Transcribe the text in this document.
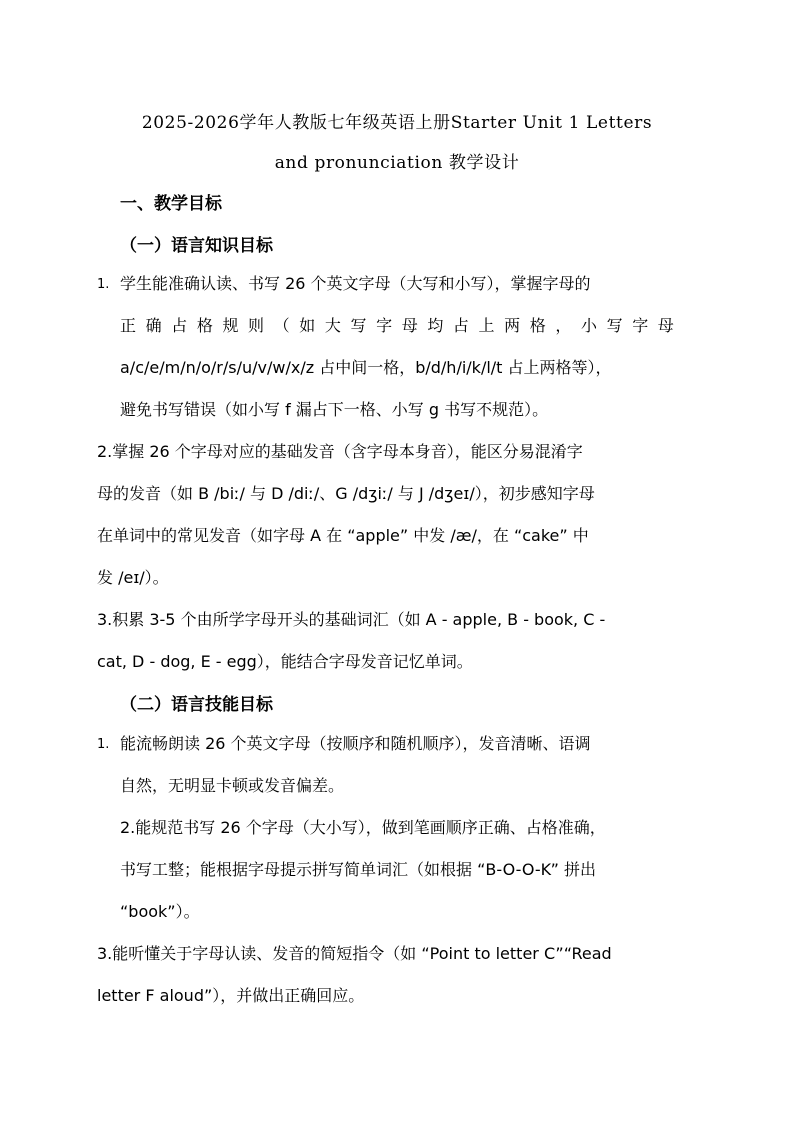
2025-2026学年人教版七年级英语上册Starter Unit 1 Letters
and pronunciation 教学设计
一、教学目标
（一）语言知识目标
1. 学生能准确认读、书写 26 个英文字母（大写和小写），掌握字母的
正 确 占 格 规 则 （ 如 大 写 字 母 均 占 上 两 格 ， 小 写 字 母
a/c/e/m/n/o/r/s/u/v/w/x/z 占中间一格，b/d/h/i/k/l/t 占上两格等），
避免书写错误（如小写 f 漏占下一格、小写 g 书写不规范）。
2.掌握 26 个字母对应的基础发音（含字母本身音），能区分易混淆字
母的发音（如 B /biː/ 与 D /diː/、G /dʒiː/ 与 J /dʒeɪ/），初步感知字母
在单词中的常见发音（如字母 A 在 “apple” 中发 /æ/，在 “cake” 中
发 /eɪ/）。
3.积累 3-5 个由所学字母开头的基础词汇（如 A - apple, B - book, C -
cat, D - dog, E - egg），能结合字母发音记忆单词。
（二）语言技能目标
1. 能流畅朗读 26 个英文字母（按顺序和随机顺序），发音清晰、语调
自然，无明显卡顿或发音偏差。
2.能规范书写 26 个字母（大小写），做到笔画顺序正确、占格准确，
书写工整；能根据字母提示拼写简单词汇（如根据 “B-O-O-K” 拼出
“book”）。
3.能听懂关于字母认读、发音的简短指令（如 “Point to letter C”“Read
letter F aloud”），并做出正确回应。
